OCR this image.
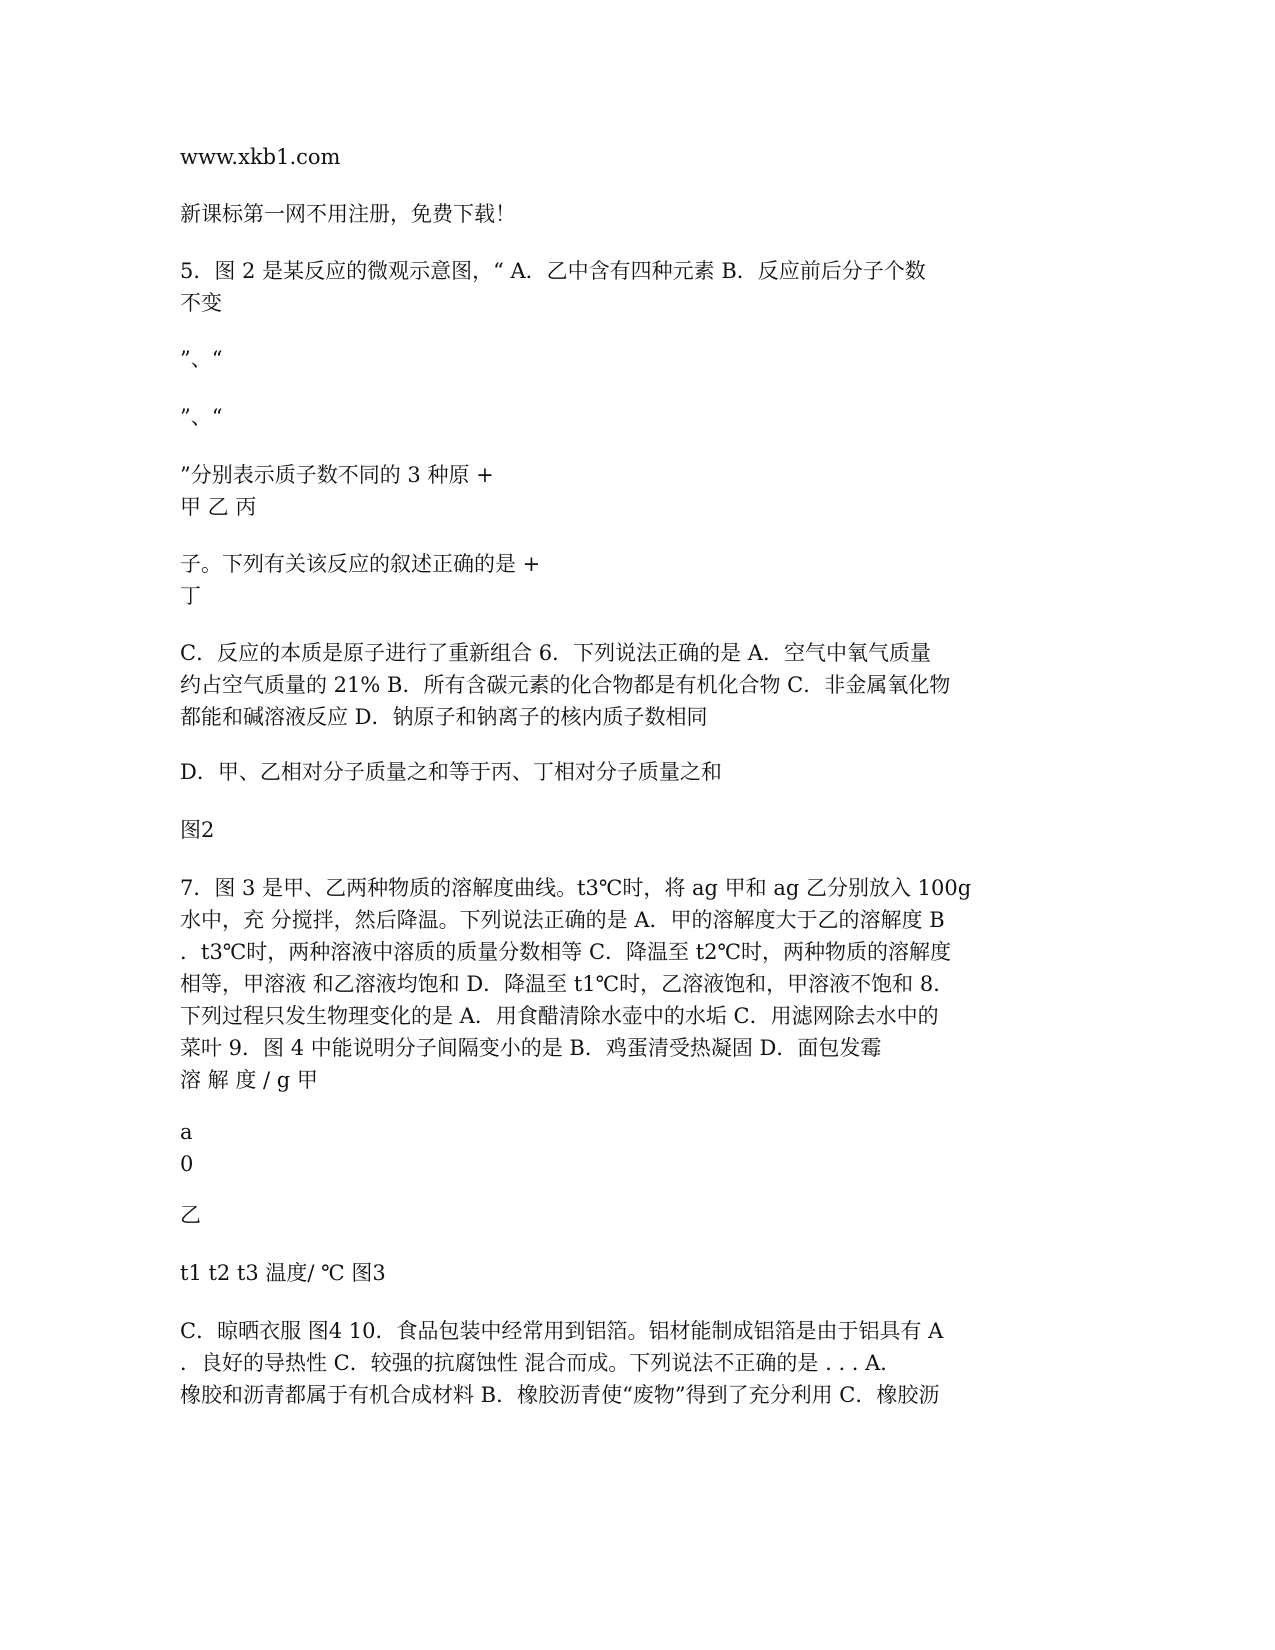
www.xkb1.com
新课标第一网不用注册，免费下载！
5．图 2 是某反应的微观示意图，“ A．乙中含有四种元素 B．反应前后分子个数
不变
”、“
”、“
”分别表示质子数不同的 3 种原 +
甲 乙 丙
子。下列有关该反应的叙述正确的是 +
丁
C．反应的本质是原子进行了重新组合 6．下列说法正确的是 A．空气中氧气质量
约占空气质量的 21% B．所有含碳元素的化合物都是有机化合物 C．非金属氧化物
都能和碱溶液反应 D．钠原子和钠离子的核内质子数相同
D．甲、乙相对分子质量之和等于丙、丁相对分子质量之和
图2
7．图 3 是甲、乙两种物质的溶解度曲线。t3℃时，将 ag 甲和 ag 乙分别放入 100g
水中，充 分搅拌，然后降温。下列说法正确的是 A．甲的溶解度大于乙的溶解度 B
．t3℃时，两种溶液中溶质的质量分数相等 C．降温至 t2℃时，两种物质的溶解度
相等，甲溶液 和乙溶液均饱和 D．降温至 t1℃时，乙溶液饱和，甲溶液不饱和 8．
下列过程只发生物理变化的是 A．用食醋清除水壶中的水垢 C．用滤网除去水中的
菜叶 9．图 4 中能说明分子间隔变小的是 B．鸡蛋清受热凝固 D．面包发霉
溶 解 度 / g 甲
a
0
乙
t1 t2 t3 温度/ ℃ 图3
C．晾晒衣服 图4 10．食品包装中经常用到铝箔。铝材能制成铝箔是由于铝具有 A
．良好的导热性 C．较强的抗腐蚀性 混合而成。下列说法不正确的是 . . . A．
橡胶和沥青都属于有机合成材料 B．橡胶沥青使“废物”得到了充分利用 C．橡胶沥
